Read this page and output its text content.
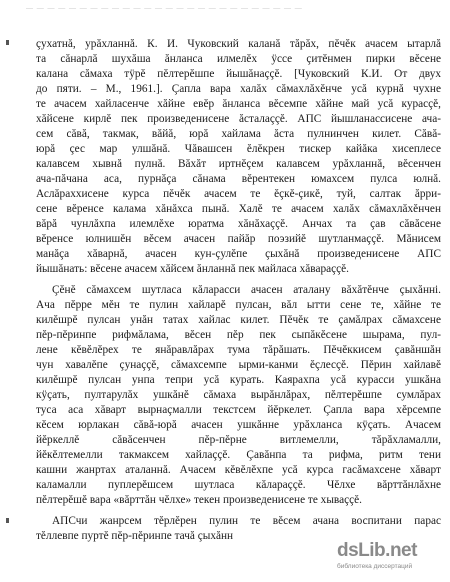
— — — — — — — — — — — — — — — — — — — — — — — — — —
çухатнă, урăхланнă. К. И. Чуковский каланă тăрăх, пĕчĕк ачасем ытарлă
та сăнарлă шухăша ăнланса илмелĕх ÿссе çитĕнмен пирки вĕсене
калана сăмаха тÿрĕ пĕлтерĕшпе йышăнаççĕ. [Чуковский К.И. От двух
до пяти. – М., 1961.]. Çапла вара халăх сăмахлăхĕнче усă курнă чухне
те ачасем хайласенче хăйне евĕр ăнланса вĕсемпе хăйне май усă курасçĕ,
хăйсене кирлĕ пек произведенисене ăсталаççĕ. АПС йышланассисене ача-
сем сăвă, такмак, вăйă, юрă хайлама ăста пулнинчен килет. Сăвă-
юрă çес мар улшăнă. Чăвашсен ĕлĕкрен тискер кайăка хисеплесе
калавсем хывнă пулнă. Вăхăт иртнĕçем калавсем урăхланнă, вĕсенчен
ача-пăчана аса, пурнăça сăнама вĕрентекен юмахсем пулса юлнă.
Аслăраххисене курса пĕчĕк ачасем те ĕçкĕ-çикĕ, туй, салтак ăрри-
сене вĕренсе калама хăнăхса пынă. Халĕ те ачасем халăх сăмахлăхĕнчен
вăрă чунлăхпа илемлĕхе юратма хăнăхаççĕ. Анчах та çав сăвăсене
вĕренсе юлнишĕн вĕсем ачасен пайăр поэзийĕ шутланмаççĕ. Мăнисем
манăçа хăварнă, ачасен кун-çулĕпе çыхăнă произведенисене АПС
йышăнать: вĕсене ачасем хăйсем ăнланнă пек майласа хăвараççĕ.
Çĕнĕ сăмахсем шутласа кăларасси ачасен аталану вăхăтĕнче çыхăнні.
Ача пĕрре мĕн те пулин хайларĕ пулсан, вăл ытти сене те, хăйне те
килĕшрĕ пулсан унăн татах хайлас килет. Пĕчĕк те çамăлрах сăмахсене
пĕр-пĕринпе рифмăлама, вĕсен пĕр пек сыпăкĕсене шырама, пул-
лене кĕвĕлĕрех те янăравлăрах тума тăрăшать. Пĕчĕккисем çавăншăн
чун хавалĕпе çунаççĕ, сăмахсемпе ырми-канми ĕçлесçĕ. Пĕрин хайлавĕ
килĕшрĕ пулсан унпа тепри усă курать. Каярахпа усă курасси ушкăна
кÿçать, пултарулăх ушкăнĕ сăмаха вырăнлăрах, пĕлтерĕшпе сумлăрах
туса аса хăварт вырнаçмалли текстсем йĕркелет. Çапла вара хĕрсемпе
кĕсем юрлакан сăвă-юрă ачасен ушкăнне урăхланса кÿçать. Ачасем
йĕркеллĕ сăвăсенчен пĕр-пĕрне витлемелли, тăрăхламалли,
йĕкĕлтемелли такмаксем хайлаççĕ. Çавăнпа та рифма, ритм тени
кашни жанртах аталаннă. Ачасем кĕвĕлĕхпе усă курса гасăмахсене хăварт
каламалли пуплерĕшсем шутласа кăлараççĕ. Чĕлхе вăрттăнлăхне
пĕлтерĕшĕ вара «вăрттăн чĕлхе» текен произведенисене те хываççĕ.
АПСчи жанрсем тĕрлĕрен пулин те вĕсем ачана воспитани парас
тĕллевпе пуртĕ пĕр-пĕринпе тачă çыхăнн
dsLib.net
библиотека диссертаций
